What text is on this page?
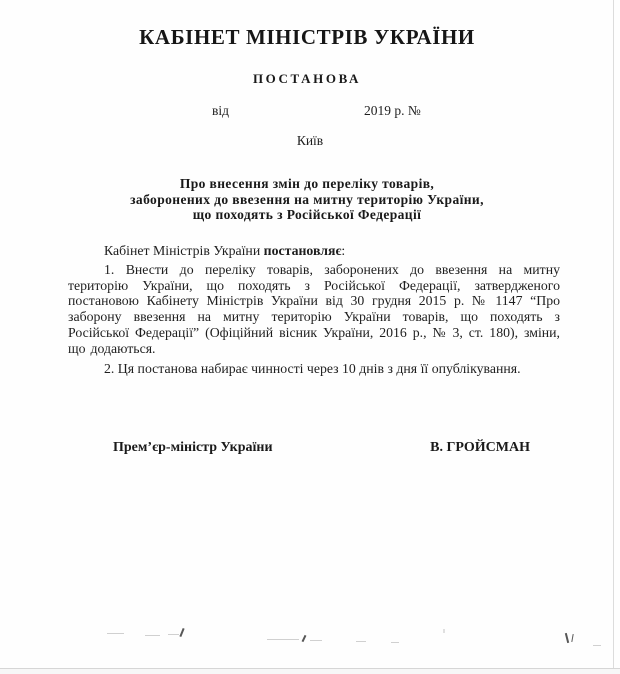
КАБІНЕТ МІНІСТРІВ УКРАЇНИ
ПОСТАНОВА
від	2019 р. №
Київ
Про внесення змін до переліку товарів,
заборонених до ввезення на митну територію України,
що походять з Російської Федерації
Кабінет Міністрів України постановляє:
1. Внести до переліку товарів, заборонених до ввезення на митну територію України, що походять з Російської Федерації, затвердженого постановою Кабінету Міністрів України від 30 грудня 2015 р. № 1147 “Про заборону ввезення на митну територію України товарів, що походять з Російської Федерації” (Офіційний вісник України, 2016 р., № 3, ст. 180), зміни, що додаються.
2. Ця постанова набирає чинності через 10 днів з дня її опублікування.
Прем’єр-міністр України	В. ГРОЙСМАН
